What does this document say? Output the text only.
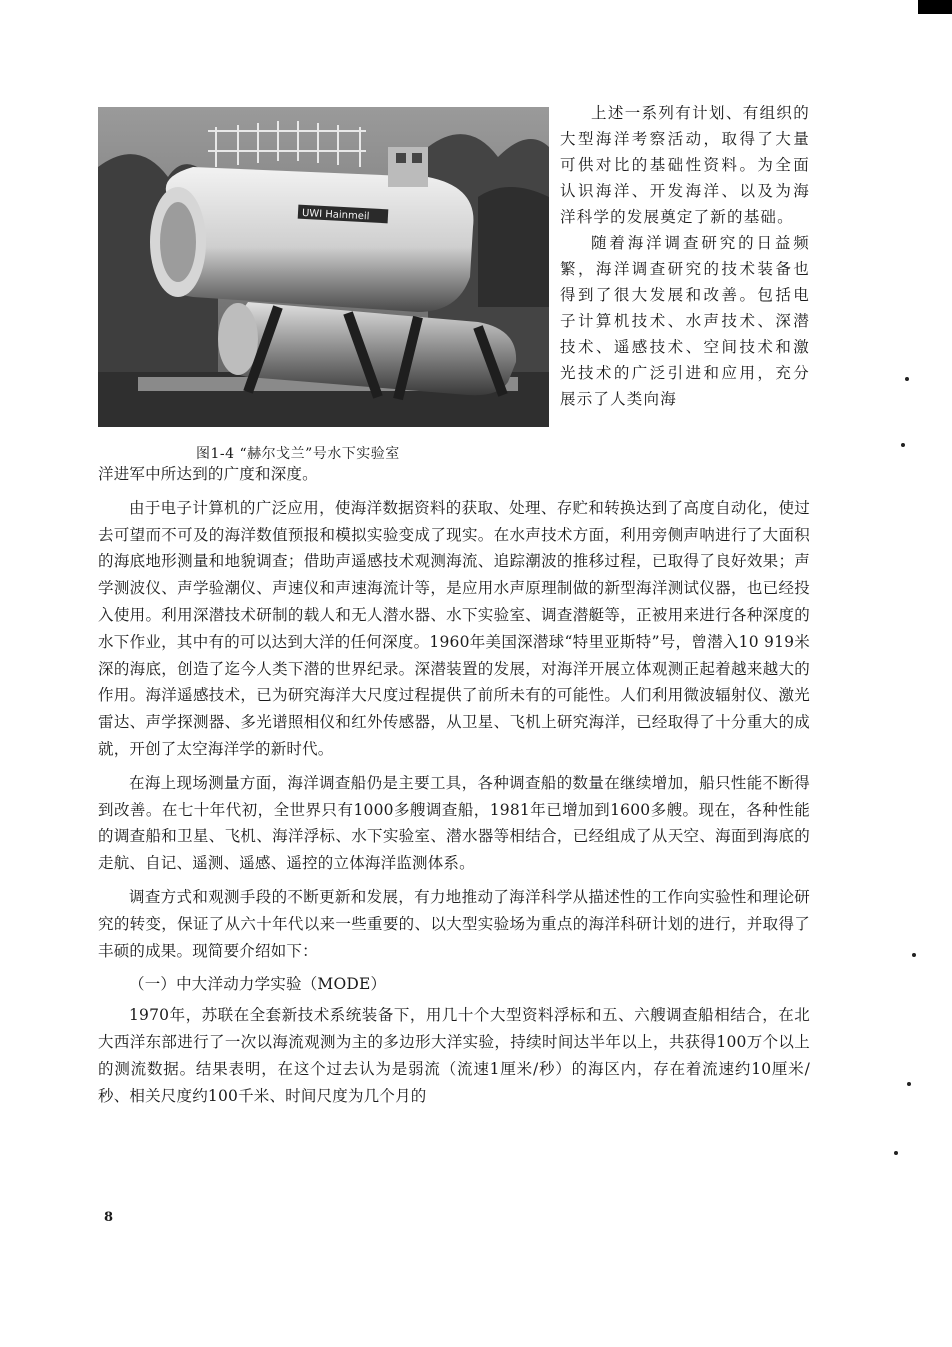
UWI Hainmeil
图1-4 “赫尔戈兰”号水下实验室

上述一系列有计划、有组织的大型海洋考察活动，取得了大量可供对比的基础性资料。为全面认识海洋、开发海洋、以及为海洋科学的发展奠定了新的基础。

随着海洋调查研究的日益频繁，海洋调查研究的技术装备也得到了很大发展和改善。包括电子计算机技术、水声技术、深潜技术、遥感技术、空间技术和激光技术的广泛引进和应用，充分展示了人类向海

洋进军中所达到的广度和深度。

由于电子计算机的广泛应用，使海洋数据资料的获取、处理、存贮和转换达到了高度自动化，使过去可望而不可及的海洋数值预报和模拟实验变成了现实。在水声技术方面，利用旁侧声呐进行了大面积的海底地形测量和地貌调查；借助声遥感技术观测海流、追踪潮波的推移过程，已取得了良好效果；声学测波仪、声学验潮仪、声速仪和声速海流计等，是应用水声原理制做的新型海洋测试仪器，也已经投入使用。利用深潜技术研制的载人和无人潜水器、水下实验室、调查潜艇等，正被用来进行各种深度的水下作业，其中有的可以达到大洋的任何深度。1960年美国深潜球“特里亚斯特”号，曾潜入10 919米深的海底，创造了迄今人类下潜的世界纪录。深潜装置的发展，对海洋开展立体观测正起着越来越大的作用。海洋遥感技术，已为研究海洋大尺度过程提供了前所未有的可能性。人们利用微波辐射仪、激光雷达、声学探测器、多光谱照相仪和红外传感器，从卫星、飞机上研究海洋，已经取得了十分重大的成就，开创了太空海洋学的新时代。

在海上现场测量方面，海洋调查船仍是主要工具，各种调查船的数量在继续增加，船只性能不断得到改善。在七十年代初，全世界只有1000多艘调查船，1981年已增加到1600多艘。现在，各种性能的调查船和卫星、飞机、海洋浮标、水下实验室、潜水器等相结合，已经组成了从天空、海面到海底的走航、自记、遥测、遥感、遥控的立体海洋监测体系。

调查方式和观测手段的不断更新和发展，有力地推动了海洋科学从描述性的工作向实验性和理论研究的转变，保证了从六十年代以来一些重要的、以大型实验场为重点的海洋科研计划的进行，并取得了丰硕的成果。现简要介绍如下：

（一）中大洋动力学实验（MODE）

1970年，苏联在全套新技术系统装备下，用几十个大型资料浮标和五、六艘调查船相结合，在北大西洋东部进行了一次以海流观测为主的多边形大洋实验，持续时间达半年以上，共获得100万个以上的测流数据。结果表明，在这个过去认为是弱流（流速1厘米/秒）的海区内，存在着流速约10厘米/秒、相关尺度约100千米、时间尺度为几个月的

8
